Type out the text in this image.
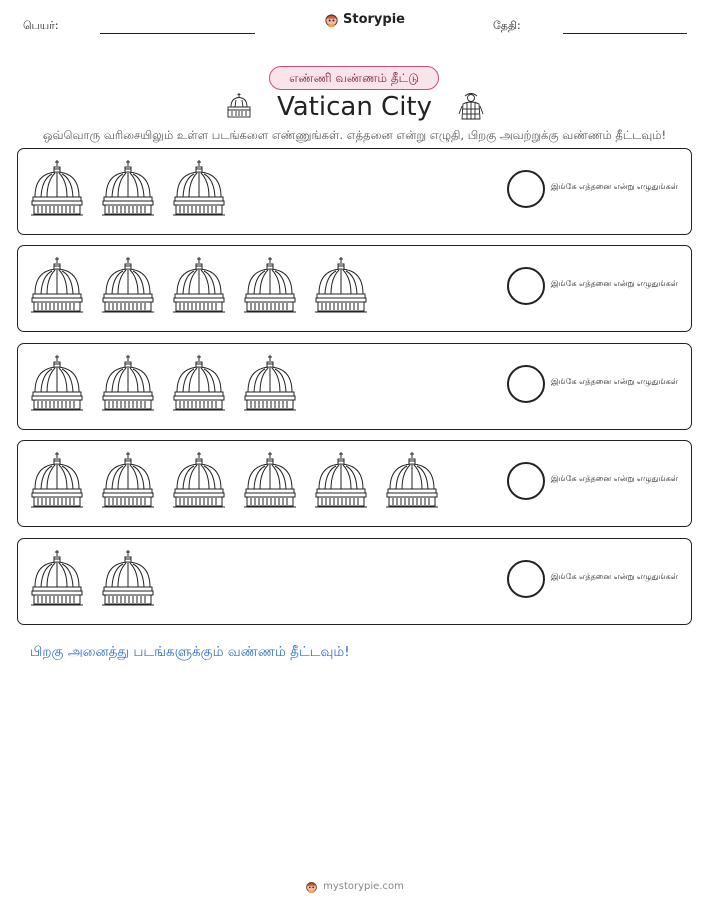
பெயர்:	Storypie	தேதி:
எண்ணி வண்ணம் தீட்டு
Vatican City
ஒவ்வொரு வரிசையிலும் உள்ள படங்களை எண்ணுங்கள். எத்தனை என்று எழுதி, பிறகு அவற்றுக்கு வண்ணம் தீட்டவும்!
இங்கே எத்தனை என்று எழுதுங்கள்
இங்கே எத்தனை என்று எழுதுங்கள்
இங்கே எத்தனை என்று எழுதுங்கள்
இங்கே எத்தனை என்று எழுதுங்கள்
இங்கே எத்தனை என்று எழுதுங்கள்
பிறகு அனைத்து படங்களுக்கும் வண்ணம் தீட்டவும்!
mystorypie.com
